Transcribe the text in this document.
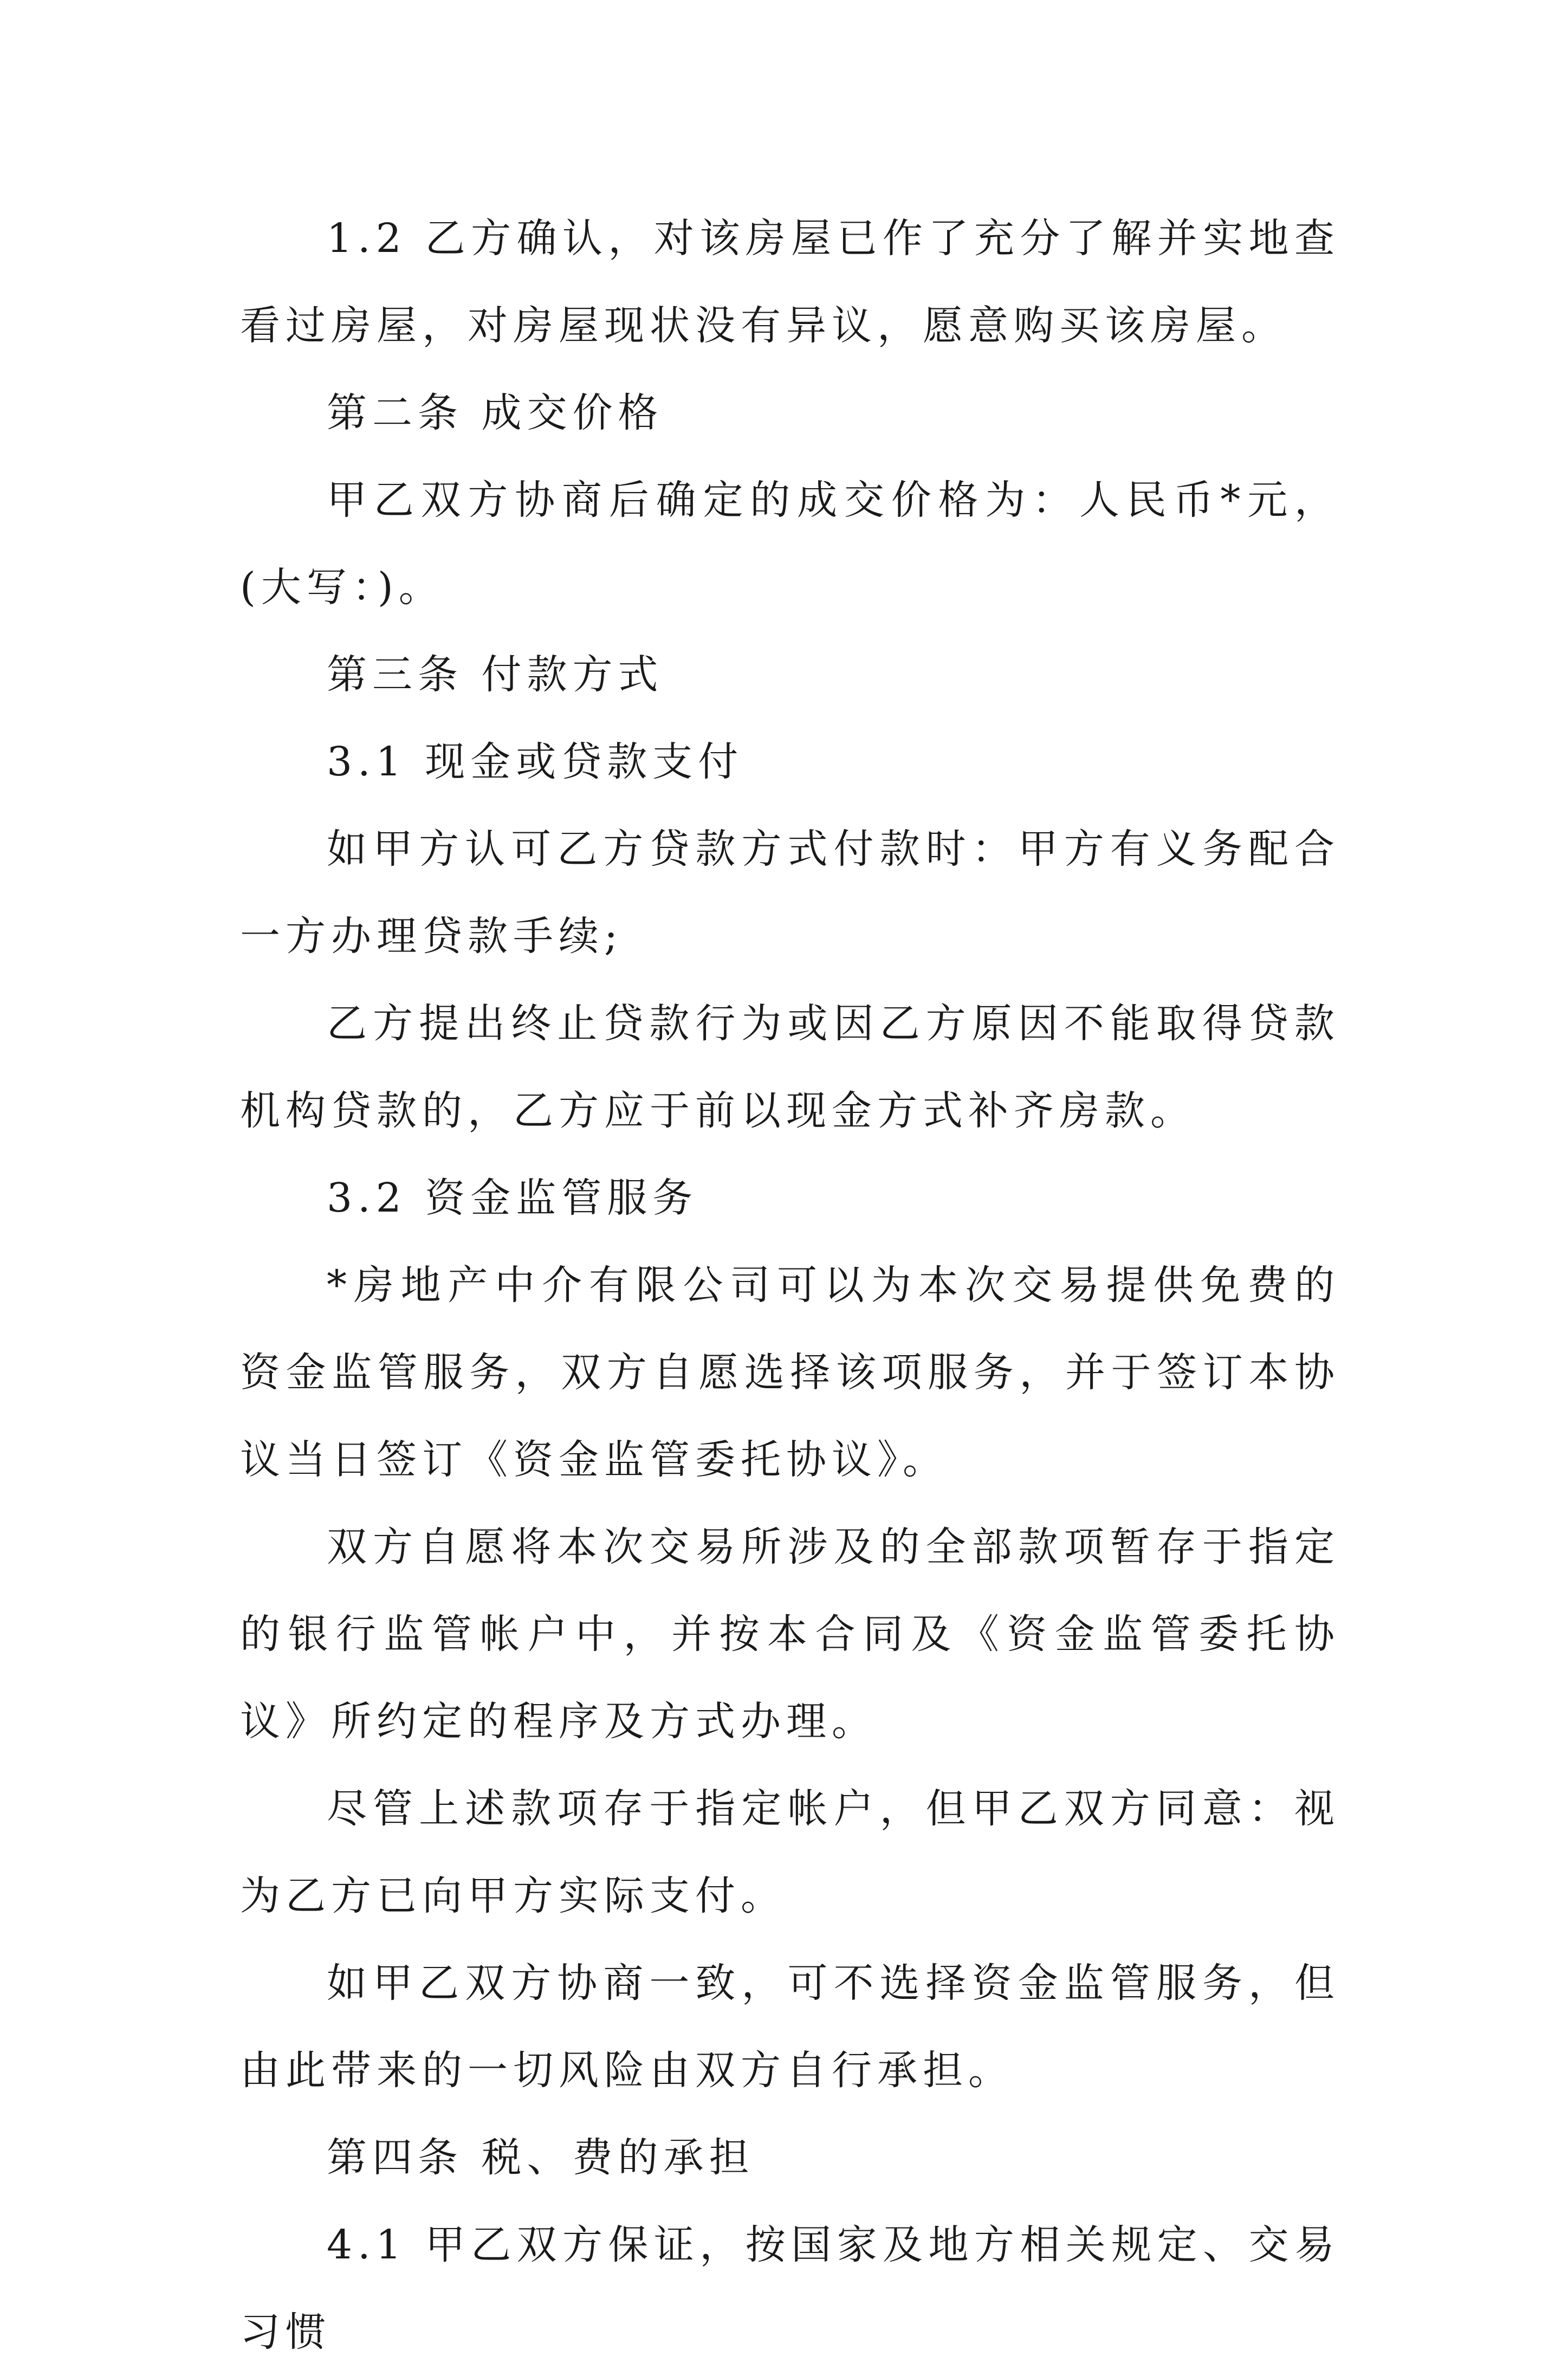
1.2 乙方确认，对该房屋已作了充分了解并实地查看过房屋，对房屋现状没有异议，愿意购买该房屋。

第二条 成交价格

甲乙双方协商后确定的成交价格为：人民币*元，(大写：)。

第三条 付款方式

3.1 现金或贷款支付

如甲方认可乙方贷款方式付款时：甲方有义务配合一方办理贷款手续;

乙方提出终止贷款行为或因乙方原因不能取得贷款机构贷款的，乙方应于前以现金方式补齐房款。

3.2 资金监管服务

*房地产中介有限公司可以为本次交易提供免费的资金监管服务，双方自愿选择该项服务，并于签订本协议当日签订《资金监管委托协议》。

双方自愿将本次交易所涉及的全部款项暂存于指定的银行监管帐户中，并按本合同及《资金监管委托协议》所约定的程序及方式办理。

尽管上述款项存于指定帐户，但甲乙双方同意：视为乙方已向甲方实际支付。

如甲乙双方协商一致，可不选择资金监管服务，但由此带来的一切风险由双方自行承担。

第四条 税、费的承担

4.1 甲乙双方保证，按国家及地方相关规定、交易习惯
